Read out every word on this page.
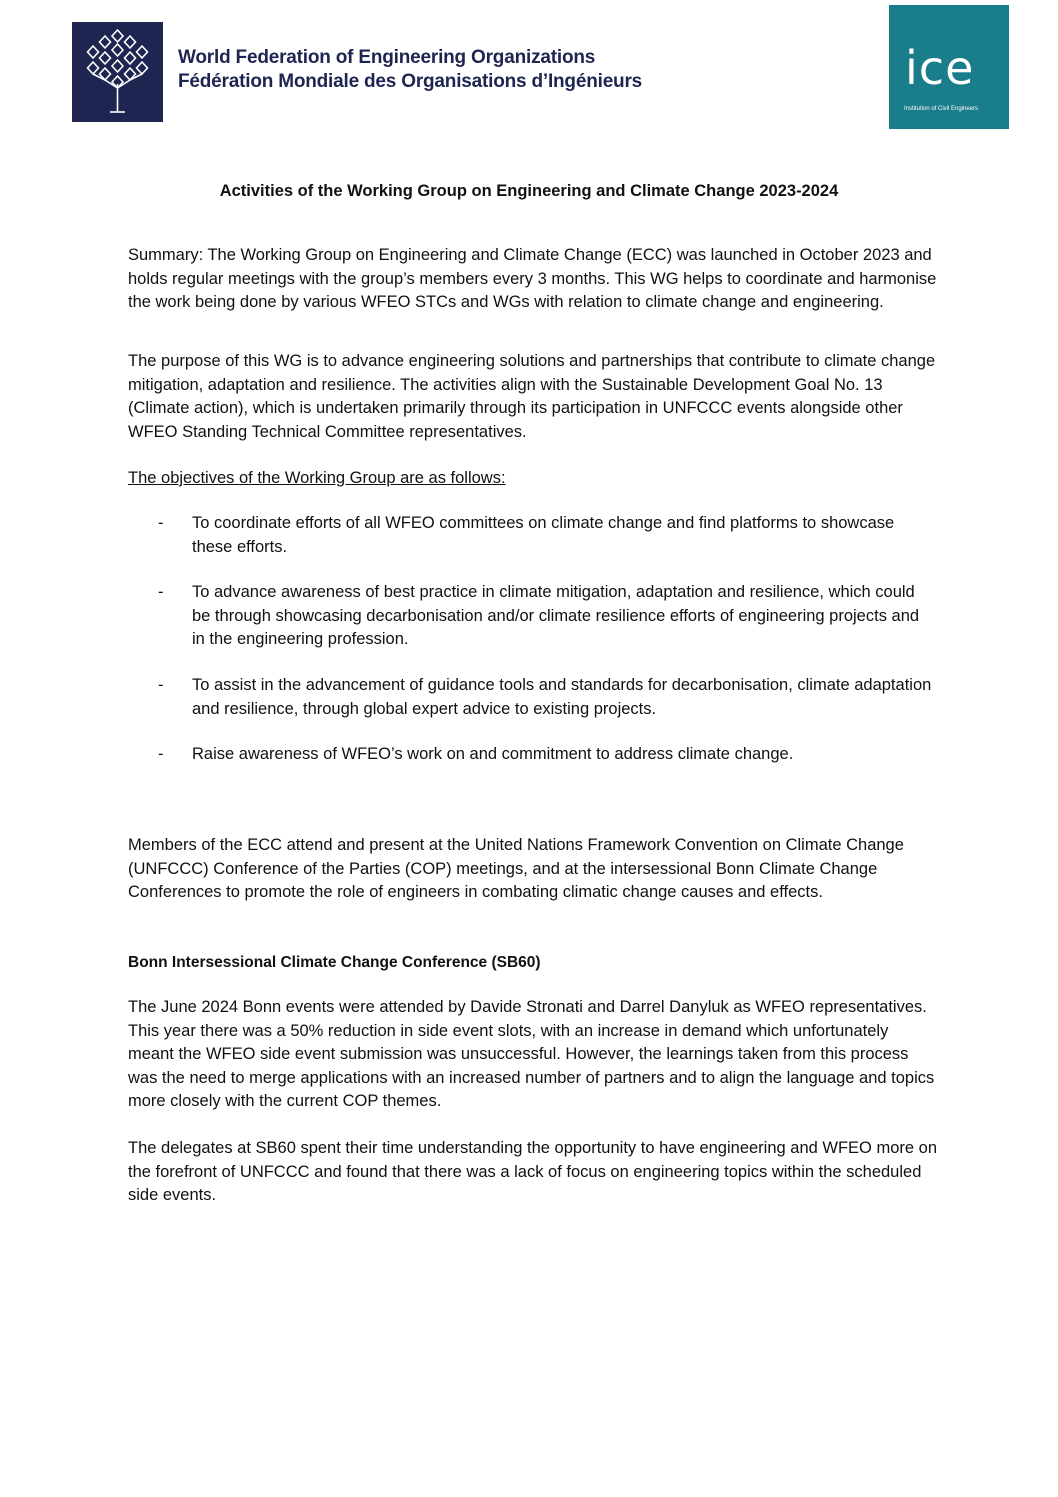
World Federation of Engineering Organizations
Fédération Mondiale des Organisations d’Ingénieurs	ice
Institution of Civil Engineers
Activities of the Working Group on Engineering and Climate Change 2023-2024

Summary: The Working Group on Engineering and Climate Change (ECC) was launched in October 2023 and holds regular meetings with the group’s members every 3 months. This WG helps to coordinate and harmonise the work being done by various WFEO STCs and WGs with relation to climate change and engineering.

The purpose of this WG is to advance engineering solutions and partnerships that contribute to climate change mitigation, adaptation and resilience. The activities align with the Sustainable Development Goal No. 13 (Climate action), which is undertaken primarily through its participation in UNFCCC events alongside other WFEO Standing Technical Committee representatives.

The objectives of the Working Group are as follows:

- To coordinate efforts of all WFEO committees on climate change and find platforms to showcase these efforts.
- To advance awareness of best practice in climate mitigation, adaptation and resilience, which could be through showcasing decarbonisation and/or climate resilience efforts of engineering projects and in the engineering profession.
- To assist in the advancement of guidance tools and standards for decarbonisation, climate adaptation and resilience, through global expert advice to existing projects.
- Raise awareness of WFEO’s work on and commitment to address climate change.

Members of the ECC attend and present at the United Nations Framework Convention on Climate Change (UNFCCC) Conference of the Parties (COP) meetings, and at the intersessional Bonn Climate Change Conferences to promote the role of engineers in combating climatic change causes and effects.

Bonn Intersessional Climate Change Conference (SB60)

The June 2024 Bonn events were attended by Davide Stronati and Darrel Danyluk as WFEO representatives. This year there was a 50% reduction in side event slots, with an increase in demand which unfortunately meant the WFEO side event submission was unsuccessful. However, the learnings taken from this process was the need to merge applications with an increased number of partners and to align the language and topics more closely with the current COP themes.

The delegates at SB60 spent their time understanding the opportunity to have engineering and WFEO more on the forefront of UNFCCC and found that there was a lack of focus on engineering topics within the scheduled side events.
